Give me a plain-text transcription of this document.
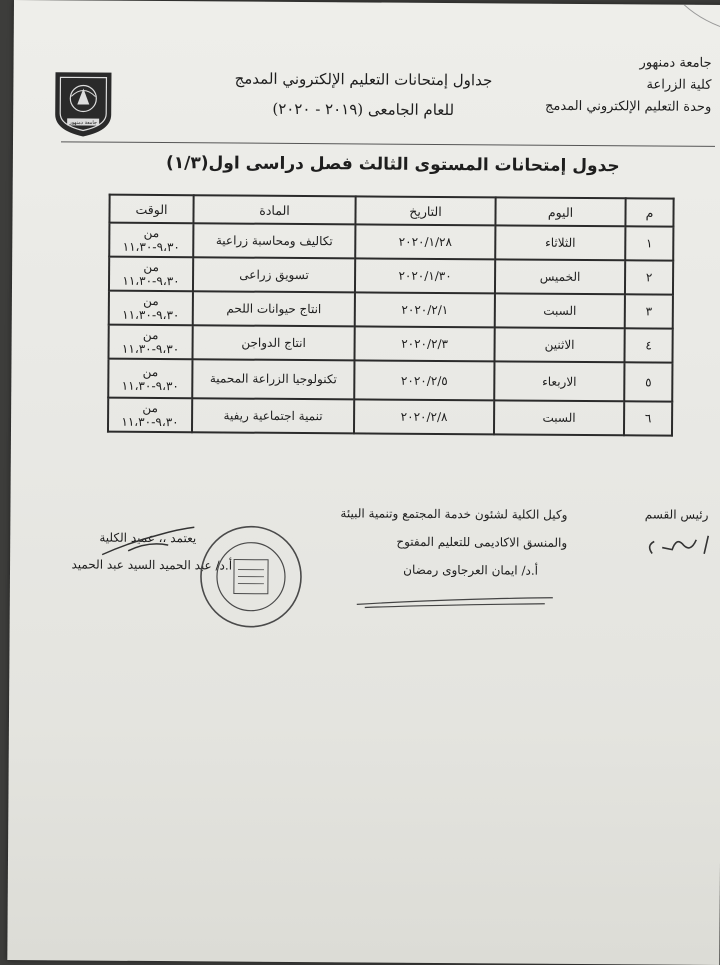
جامعة دمنهور
كلية الزراعة
وحدة التعليم الإلكتروني المدمج
جداول إمتحانات التعليم الإلكتروني المدمج
للعام الجامعى (٢٠١٩ - ٢٠٢٠)
جامعة دمنهور
جدول إمتحانات المستوى الثالث فصل دراسى اول(١/٣)
م	اليوم	التاريخ	المادة	الوقت
١	الثلاثاء	٢٠٢٠/١/٢٨	تكاليف ومحاسبة زراعية	من ٩،٣٠-١١،٣٠
٢	الخميس	٢٠٢٠/١/٣٠	تسويق زراعى	من ٩،٣٠-١١،٣٠
٣	السبت	٢٠٢٠/٢/١	انتاج حيوانات اللحم	من ٩،٣٠-١١،٣٠
٤	الاثنين	٢٠٢٠/٢/٣	انتاج الدواجن	من ٩،٣٠-١١،٣٠
٥	الاربعاء	٢٠٢٠/٢/٥	تكنولوجيا الزراعة المحمية	من ٩،٣٠-١١،٣٠
٦	السبت	٢٠٢٠/٢/٨	تنمية اجتماعية ريفية	من ٩،٣٠-١١،٣٠
رئيس القسم
وكيل الكلية لشئون خدمة المجتمع وتنمية البيئة
والمنسق الاكاديمى للتعليم المفتوح
أ.د/ ايمان العرجاوى رمضان
يعتمد ،، عميد الكلية
أ.د/ عبد الحميد السيد عبد الحميد
